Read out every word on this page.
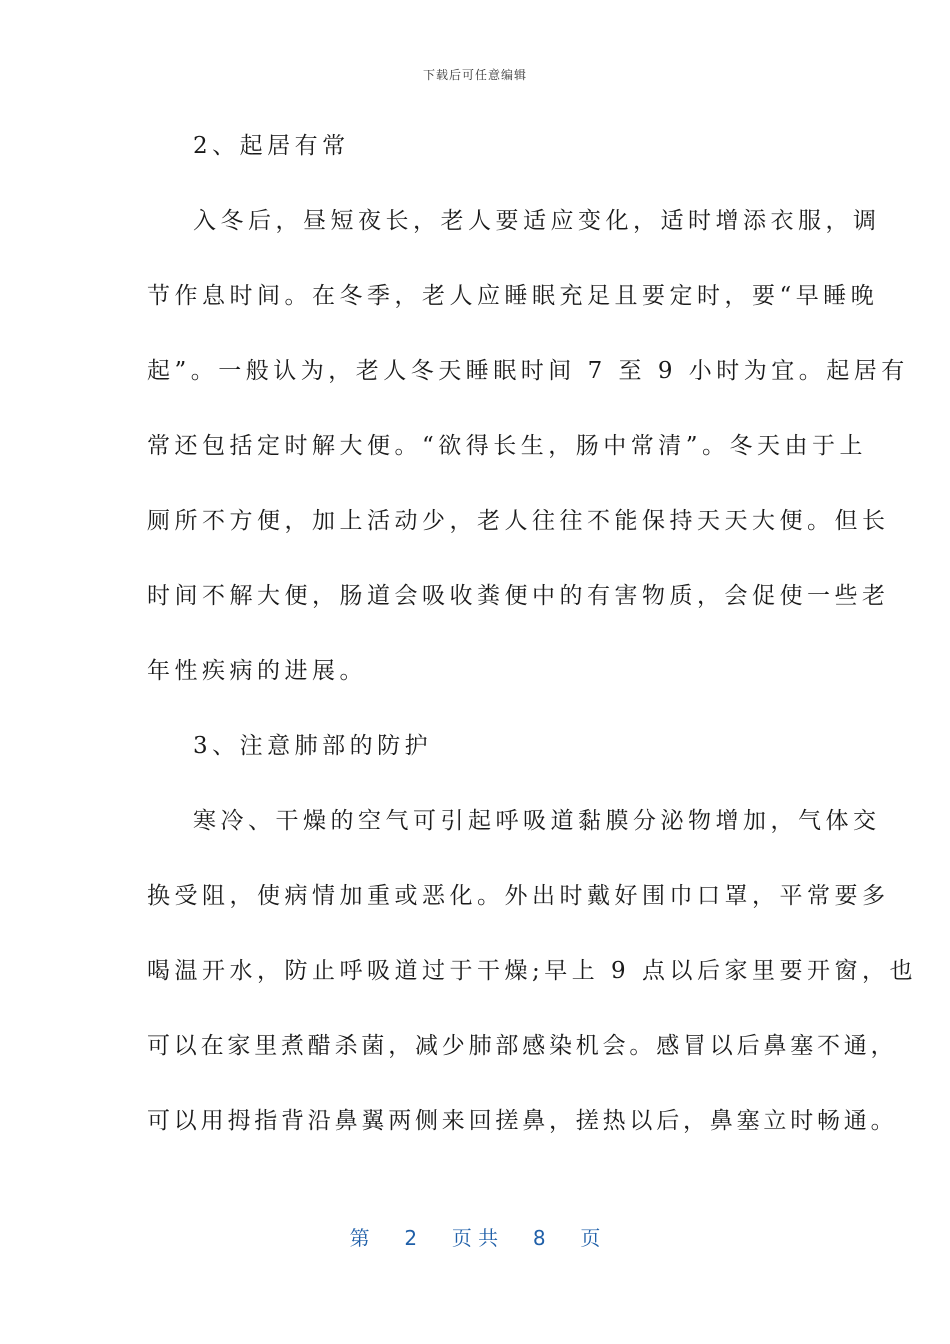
下载后可任意编辑
2、起居有常
入冬后，昼短夜长，老人要适应变化，适时增添衣服，调
节作息时间。在冬季，老人应睡眠充足且要定时，要“早睡晚
起”。一般认为，老人冬天睡眠时间 7 至 9 小时为宜。起居有
常还包括定时解大便。“欲得长生，肠中常清”。冬天由于上
厕所不方便，加上活动少，老人往往不能保持天天大便。但长
时间不解大便，肠道会吸收粪便中的有害物质，会促使一些老
年性疾病的进展。
3、注意肺部的防护
寒冷、干燥的空气可引起呼吸道黏膜分泌物增加，气体交
换受阻，使病情加重或恶化。外出时戴好围巾口罩，平常要多
喝温开水，防止呼吸道过于干燥;早上 9 点以后家里要开窗，也
可以在家里煮醋杀菌，减少肺部感染机会。感冒以后鼻塞不通，
可以用拇指背沿鼻翼两侧来回搓鼻，搓热以后，鼻塞立时畅通。
第 2 页 共 8 页
